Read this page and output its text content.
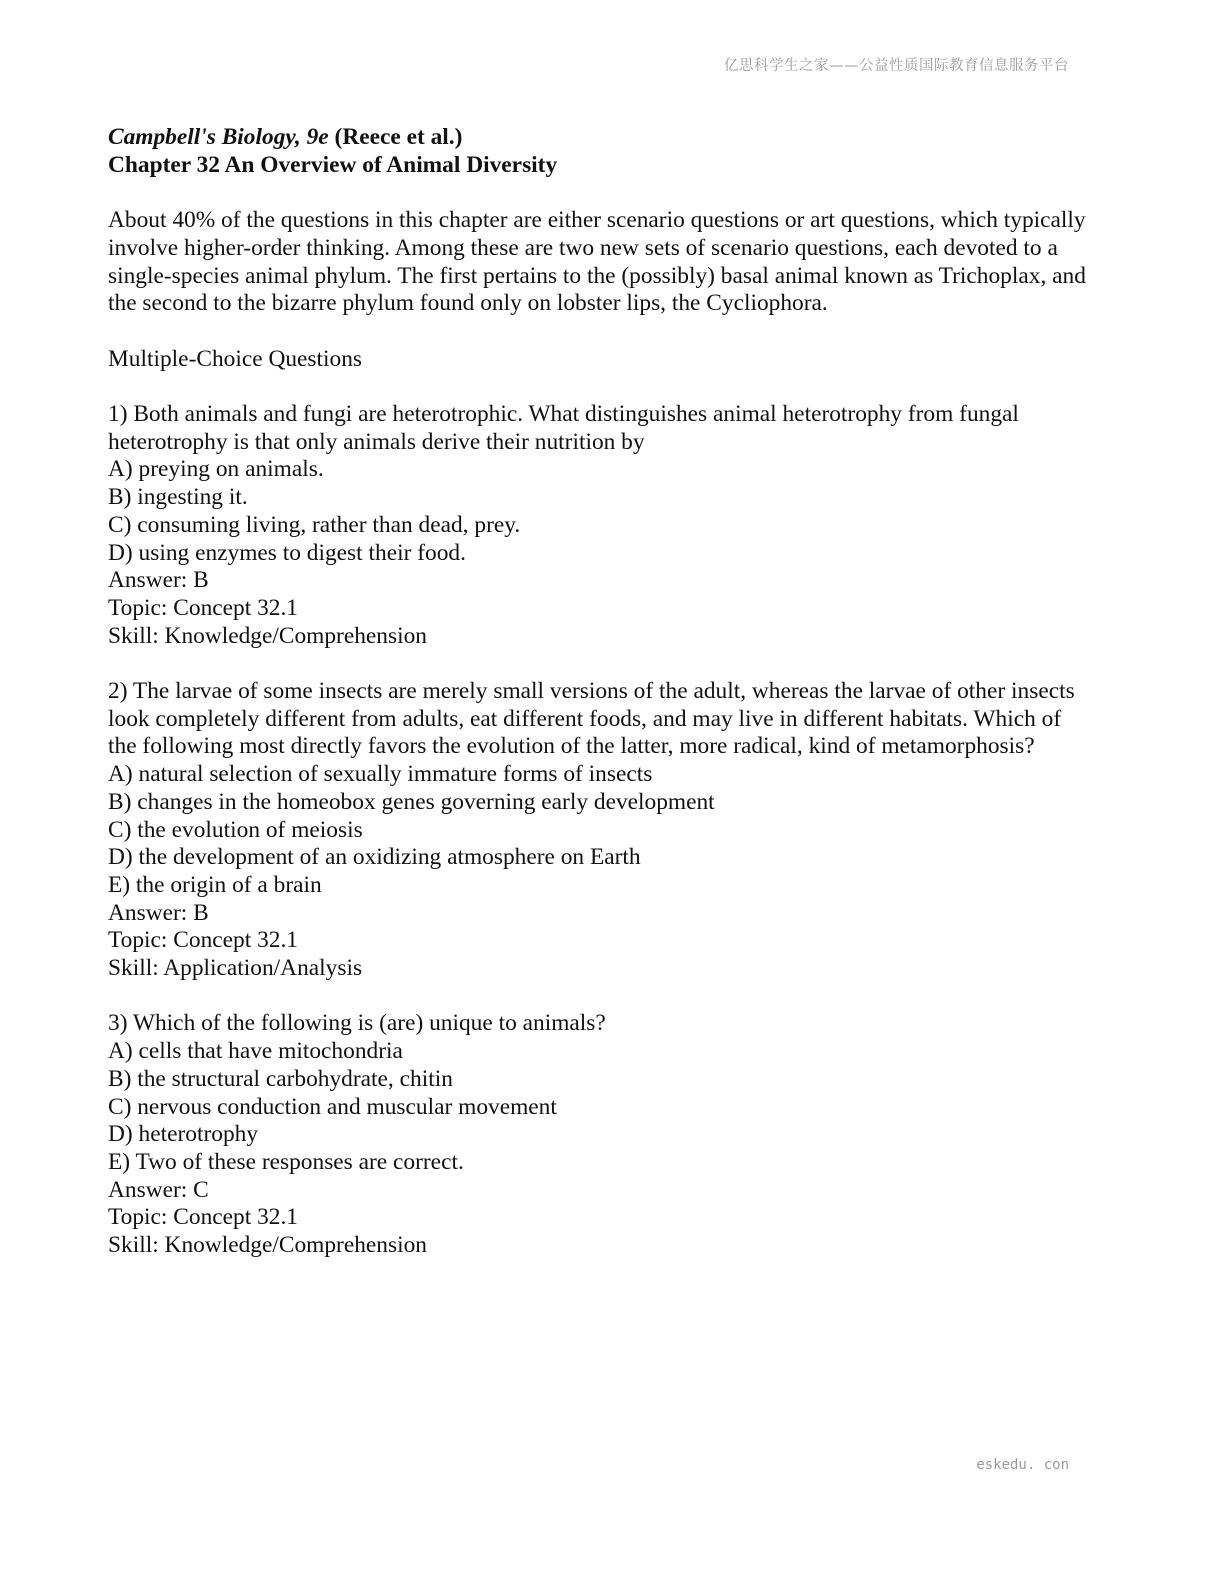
亿思科学生之家——公益性质国际教育信息服务平台
Campbell's Biology, 9e (Reece et al.)
Chapter 32 An Overview of Animal Diversity
About 40% of the questions in this chapter are either scenario questions or art questions, which typically
involve higher-order thinking. Among these are two new sets of scenario questions, each devoted to a
single-species animal phylum. The first pertains to the (possibly) basal animal known as Trichoplax, and
the second to the bizarre phylum found only on lobster lips, the Cycliophora.
Multiple-Choice Questions
1) Both animals and fungi are heterotrophic. What distinguishes animal heterotrophy from fungal
heterotrophy is that only animals derive their nutrition by
A) preying on animals.
B) ingesting it.
C) consuming living, rather than dead, prey.
D) using enzymes to digest their food.
Answer: B
Topic: Concept 32.1
Skill: Knowledge/Comprehension
2) The larvae of some insects are merely small versions of the adult, whereas the larvae of other insects
look completely different from adults, eat different foods, and may live in different habitats. Which of
the following most directly favors the evolution of the latter, more radical, kind of metamorphosis?
A) natural selection of sexually immature forms of insects
B) changes in the homeobox genes governing early development
C) the evolution of meiosis
D) the development of an oxidizing atmosphere on Earth
E) the origin of a brain
Answer: B
Topic: Concept 32.1
Skill: Application/Analysis
3) Which of the following is (are) unique to animals?
A) cells that have mitochondria
B) the structural carbohydrate, chitin
C) nervous conduction and muscular movement
D) heterotrophy
E) Two of these responses are correct.
Answer: C
Topic: Concept 32.1
Skill: Knowledge/Comprehension
eskedu. con
